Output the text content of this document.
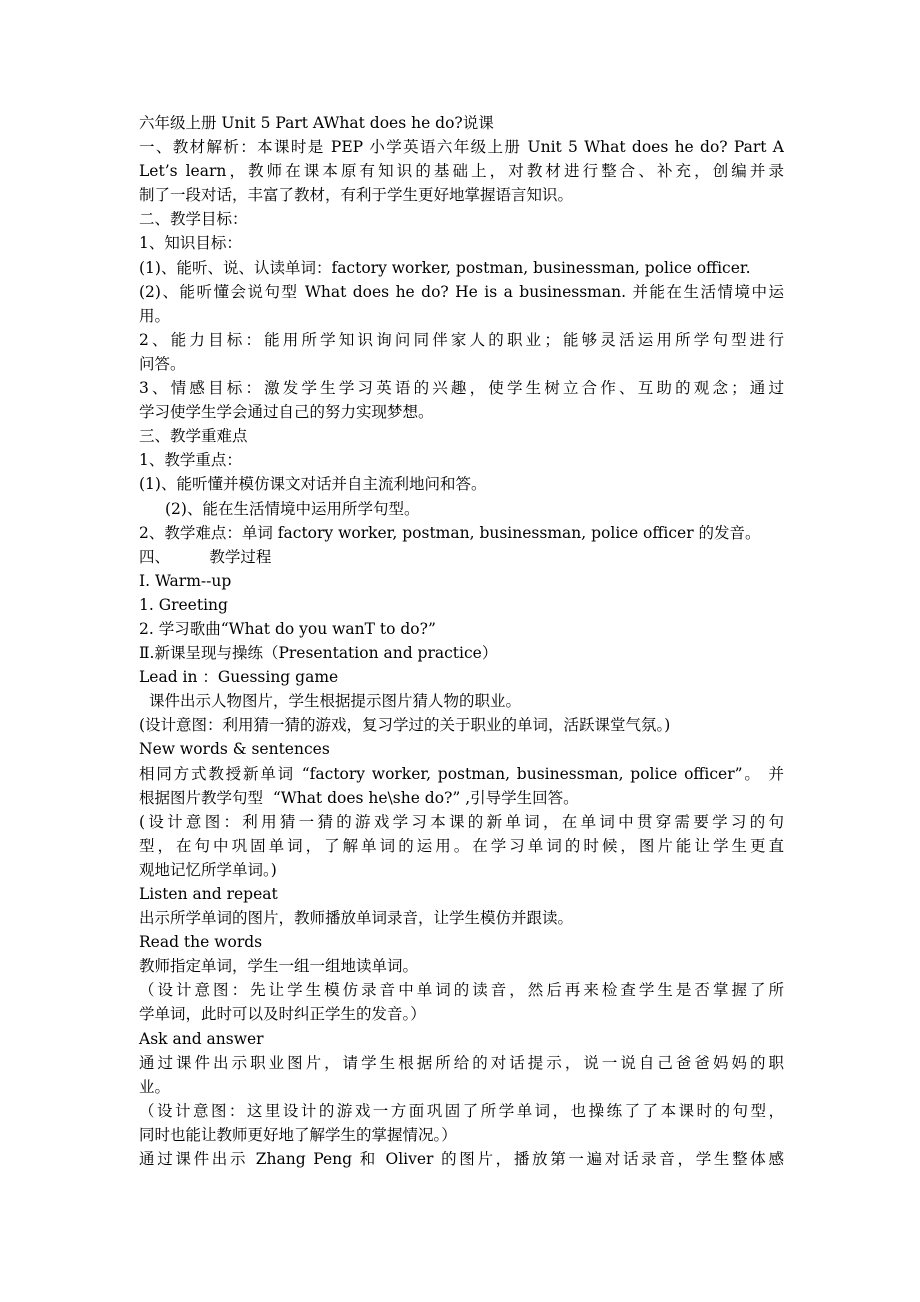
六年级上册 Unit 5 Part AWhat does he do?说课
一、教材解析：本课时是 PEP 小学英语六年级上册 Unit 5 What does he do? Part A
Let’s learn，教师在课本原有知识的基础上，对教材进行整合、补充，创编并录
制了一段对话，丰富了教材，有利于学生更好地掌握语言知识。
二、教学目标：
1、知识目标：
(1)、能听、说、认读单词：factory worker, postman, businessman, police officer.
(2)、能听懂会说句型 What does he do? He is a businessman. 并能在生活情境中运
用。
2、能力目标：能用所学知识询问同伴家人的职业；能够灵活运用所学句型进行
问答。
3、情感目标：激发学生学习英语的兴趣，使学生树立合作、互助的观念；通过
学习使学生学会通过自己的努力实现梦想。
三、教学重难点
1、教学重点：
(1)、能听懂并模仿课文对话并自主流利地问和答。
(2)、能在生活情境中运用所学句型。
2、教学难点：单词 factory worker, postman, businessman, police officer 的发音。
四、        教学过程
Ⅰ. Warm--up
1. Greeting
2. 学习歌曲“What do you wanT to do?”
Ⅱ.新课呈现与操练（Presentation and practice）
Lead in ：Guessing game
课件出示人物图片，学生根据提示图片猜人物的职业。
(设计意图：利用猜一猜的游戏，复习学过的关于职业的单词，活跃课堂气氛。)
New words & sentences
相同方式教授新单词 “factory worker, postman, businessman, police officer”。 并
根据图片教学句型  “What does he\she do?” ,引导学生回答。
(设计意图：利用猜一猜的游戏学习本课的新单词，在单词中贯穿需要学习的句
型，在句中巩固单词，了解单词的运用。在学习单词的时候，图片能让学生更直
观地记忆所学单词。)
Listen and repeat
出示所学单词的图片，教师播放单词录音，让学生模仿并跟读。
Read the words
教师指定单词，学生一组一组地读单词。
（设计意图：先让学生模仿录音中单词的读音，然后再来检查学生是否掌握了所
学单词，此时可以及时纠正学生的发音。）
Ask and answer
通过课件出示职业图片，请学生根据所给的对话提示，说一说自己爸爸妈妈的职
业。
（设计意图：这里设计的游戏一方面巩固了所学单词，也操练了了本课时的句型，
同时也能让教师更好地了解学生的掌握情况。）
通过课件出示 Zhang Peng 和 Oliver 的图片，播放第一遍对话录音，学生整体感
